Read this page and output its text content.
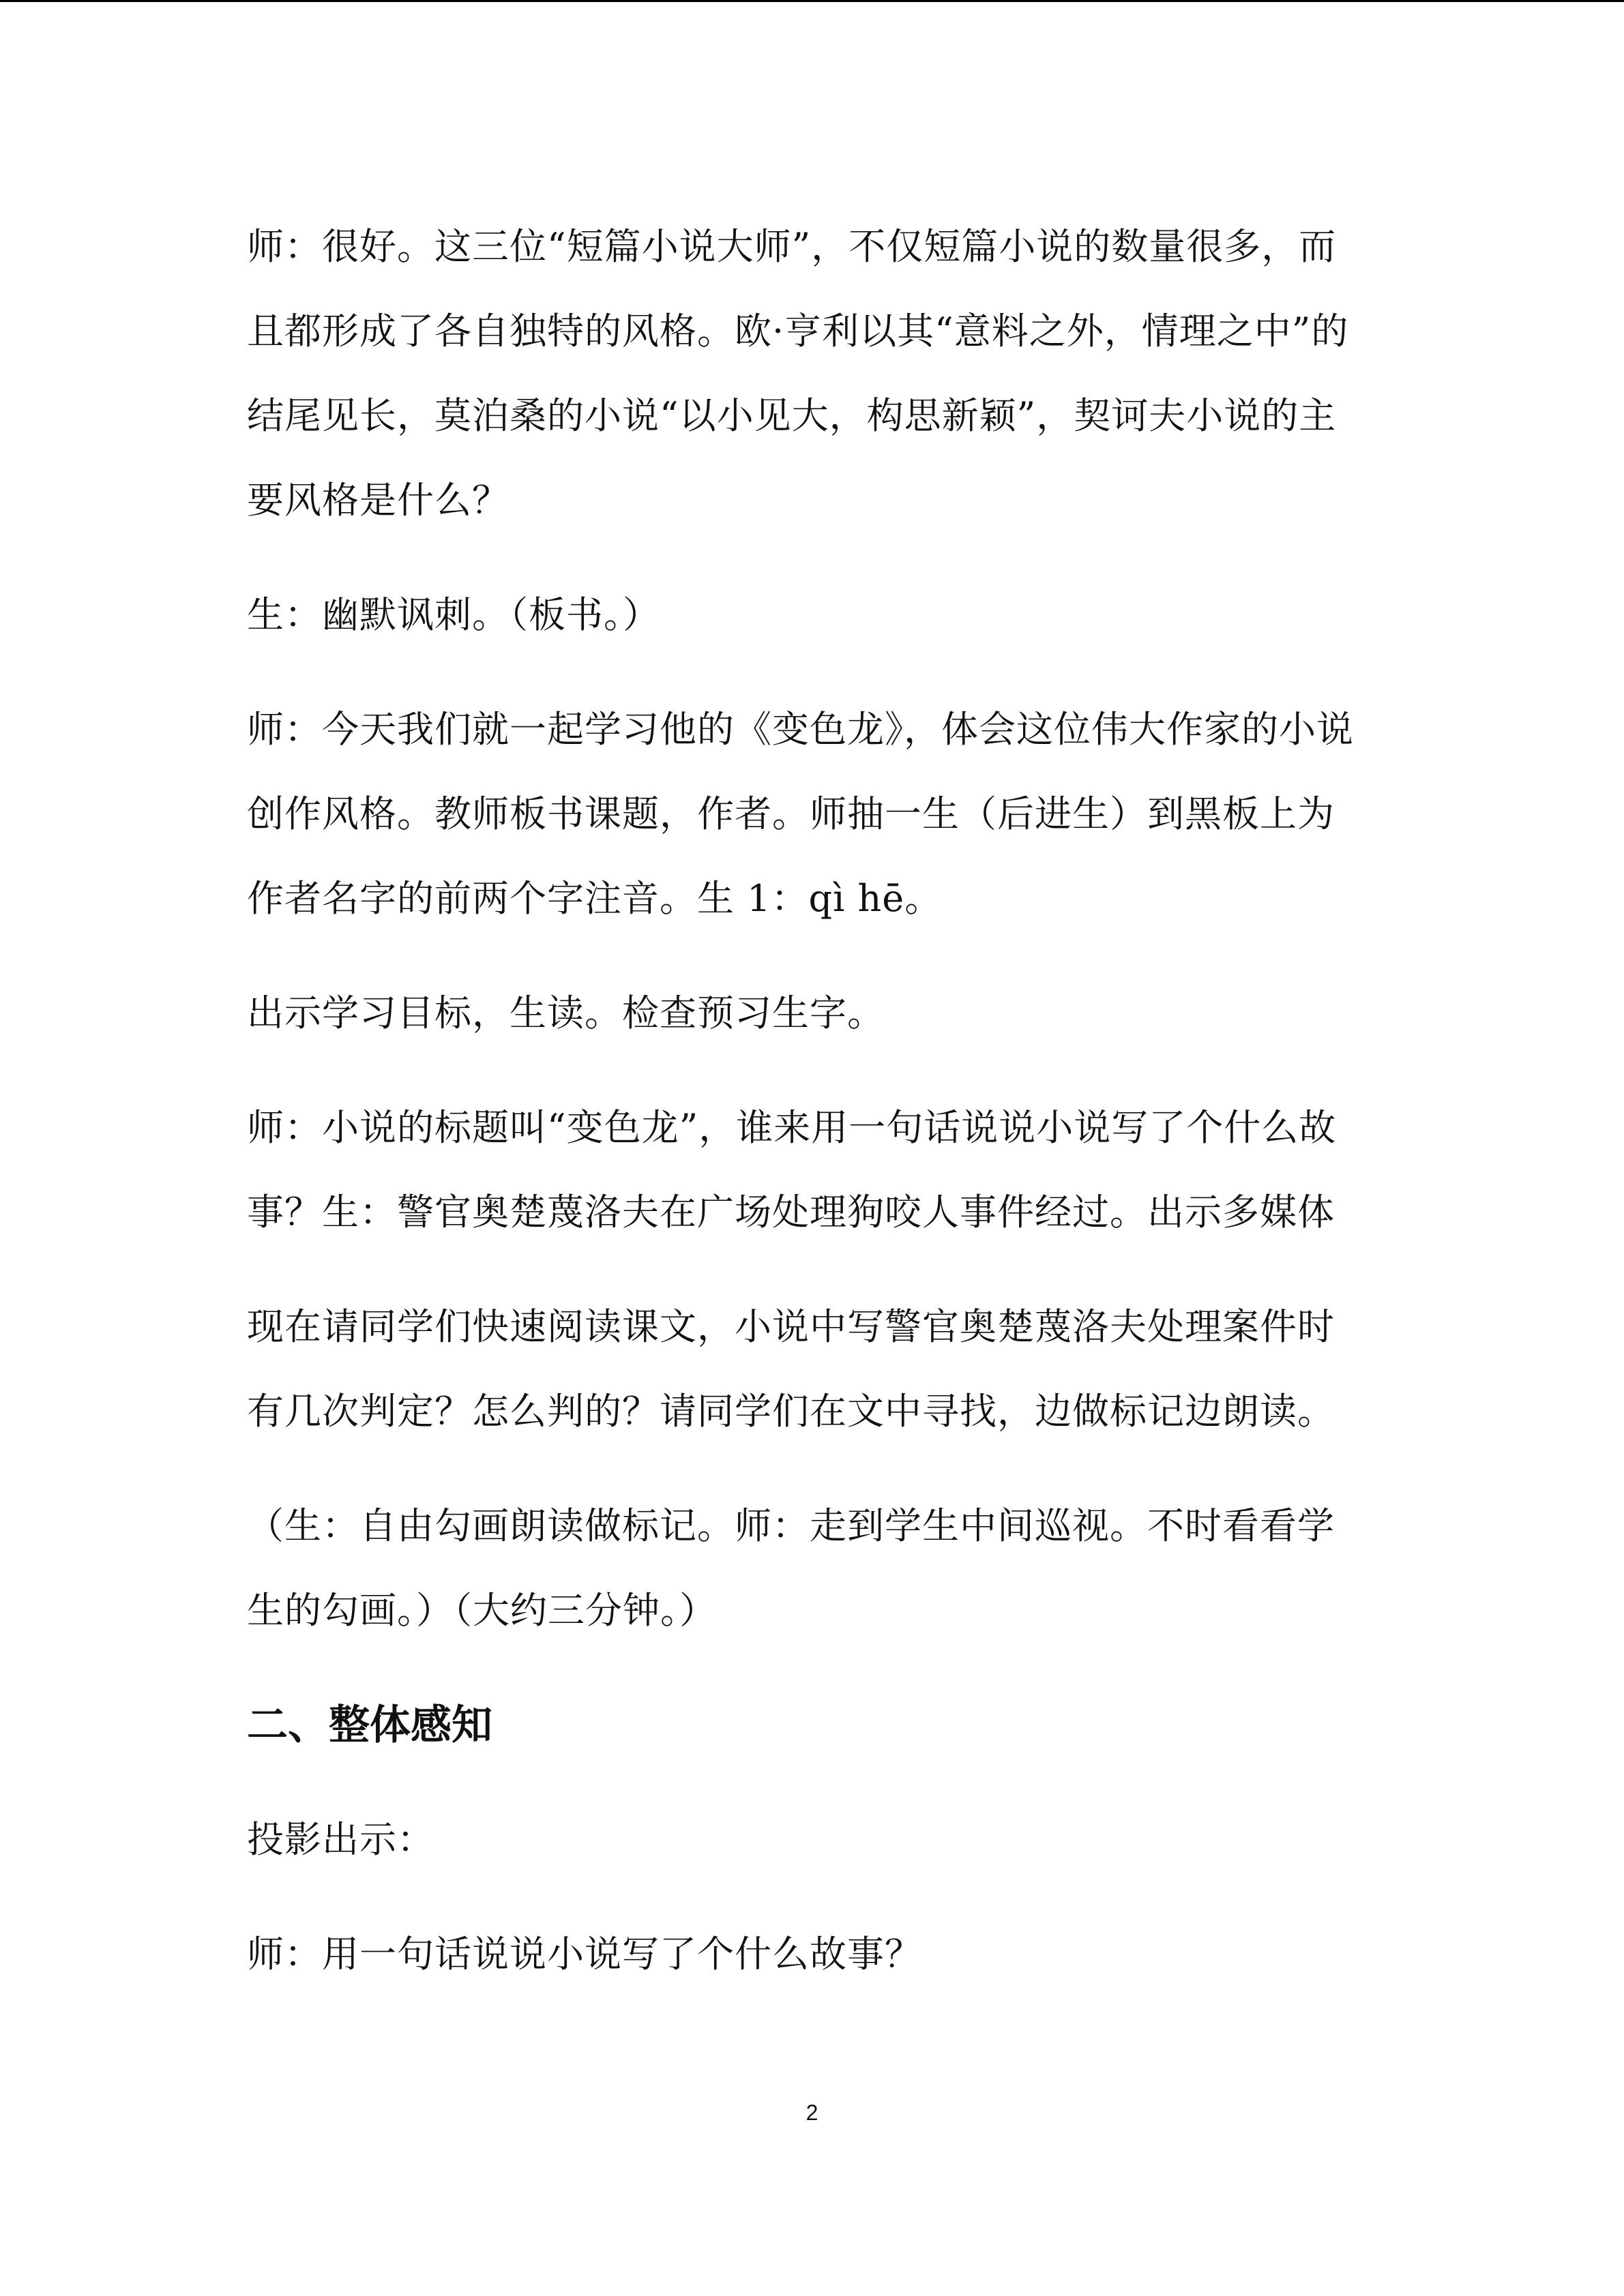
师：很好。这三位“短篇小说大师”，不仅短篇小说的数量很多，而且都形成了各自独特的风格。欧·亨利以其“意料之外，情理之中”的结尾见长，莫泊桑的小说“以小见大，构思新颖”，契诃夫小说的主要风格是什么？

生：幽默讽刺。（板书。）

师：今天我们就一起学习他的《变色龙》，体会这位伟大作家的小说创作风格。教师板书课题，作者。师抽一生（后进生）到黑板上为作者名字的前两个字注音。生 1：qì hē。

出示学习目标，生读。检查预习生字。

师：小说的标题叫“变色龙”，谁来用一句话说说小说写了个什么故事？生：警官奥楚蔑洛夫在广场处理狗咬人事件经过。出示多媒体

现在请同学们快速阅读课文，小说中写警官奥楚蔑洛夫处理案件时有几次判定？怎么判的？请同学们在文中寻找，边做标记边朗读。

（生：自由勾画朗读做标记。师：走到学生中间巡视。不时看看学生的勾画。）（大约三分钟。）

二、整体感知

投影出示：

师：用一句话说说小说写了个什么故事？

2
